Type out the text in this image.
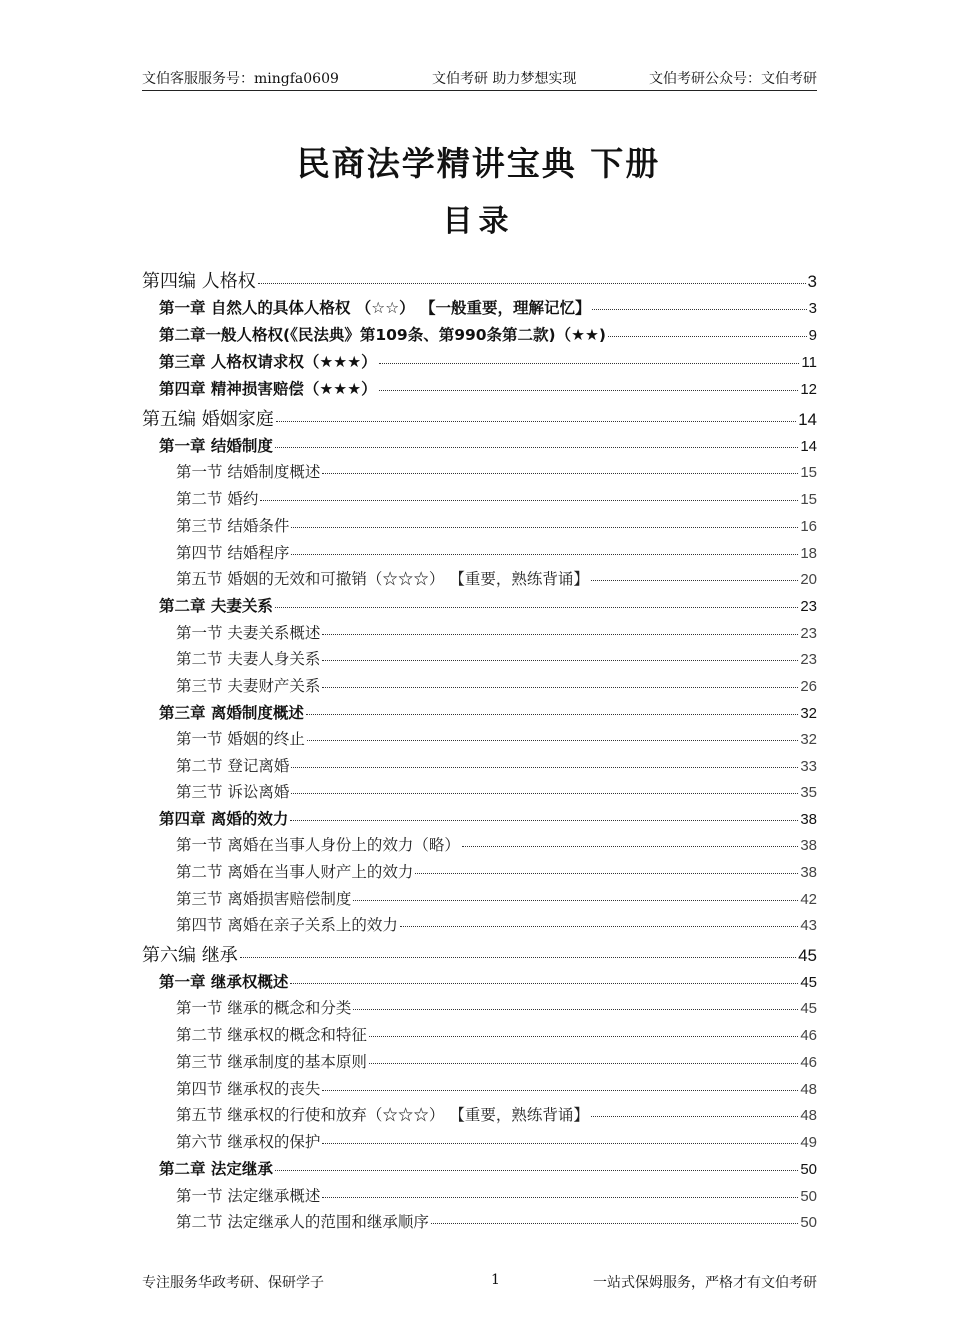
文伯客服服务号：mingfa0609	文伯考研 助力梦想实现	文伯考研公众号：文伯考研
民商法学精讲宝典 下册
目录
第四编 人格权	3
第一章 自然人的具体人格权 （☆☆） 【一般重要，理解记忆】	3
第二章一般人格权(《民法典》第109条、第990条第二款)（★★)	9
第三章 人格权请求权（★★★）	11
第四章 精神损害赔偿（★★★）	12
第五编 婚姻家庭	14
第一章 结婚制度	14
第一节 结婚制度概述	15
第二节 婚约	15
第三节 结婚条件	16
第四节 结婚程序	18
第五节 婚姻的无效和可撤销（☆☆☆） 【重要，熟练背诵】	20
第二章 夫妻关系	23
第一节 夫妻关系概述	23
第二节 夫妻人身关系	23
第三节 夫妻财产关系	26
第三章 离婚制度概述	32
第一节 婚姻的终止	32
第二节 登记离婚	33
第三节 诉讼离婚	35
第四章 离婚的效力	38
第一节 离婚在当事人身份上的效力（略）	38
第二节 离婚在当事人财产上的效力	38
第三节 离婚损害赔偿制度	42
第四节 离婚在亲子关系上的效力	43
第六编 继承	45
第一章 继承权概述	45
第一节 继承的概念和分类	45
第二节 继承权的概念和特征	46
第三节 继承制度的基本原则	46
第四节 继承权的丧失	48
第五节 继承权的行使和放弃（☆☆☆） 【重要，熟练背诵】	48
第六节 继承权的保护	49
第二章 法定继承	50
第一节 法定继承概述	50
第二节 法定继承人的范围和继承顺序	50
专注服务华政考研、保研学子	1	一站式保姆服务，严格才有文伯考研
